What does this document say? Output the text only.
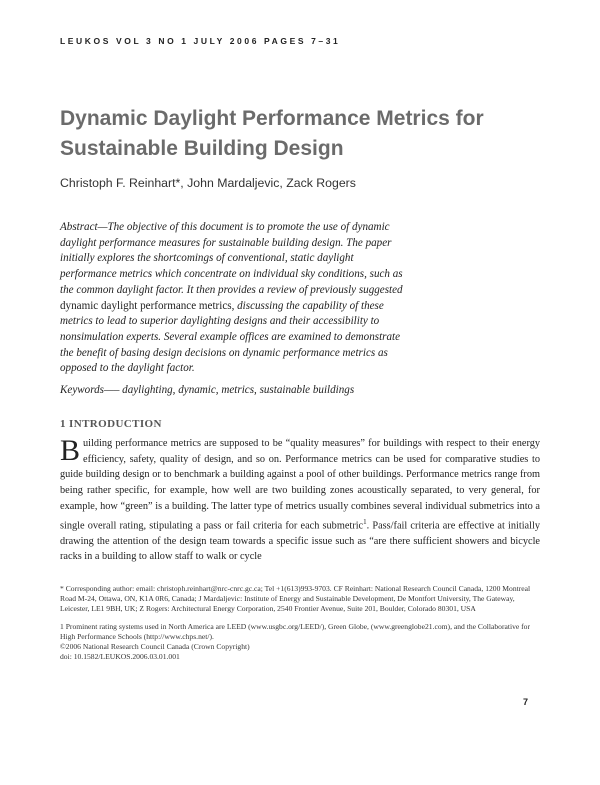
LEUKOS VOL 3 NO 1 JULY 2006 PAGES 7–31
Dynamic Daylight Performance Metrics for Sustainable Building Design
Christoph F. Reinhart*, John Mardaljevic, Zack Rogers
Abstract—The objective of this document is to promote the use of dynamic daylight performance measures for sustainable building design. The paper initially explores the shortcomings of conventional, static daylight performance metrics which concentrate on individual sky conditions, such as the common daylight factor. It then provides a review of previously suggested dynamic daylight performance metrics, discussing the capability of these metrics to lead to superior daylighting designs and their accessibility to nonsimulation experts. Several example offices are examined to demonstrate the benefit of basing design decisions on dynamic performance metrics as opposed to the daylight factor.
Keywords—– daylighting, dynamic, metrics, sustainable buildings
1 INTRODUCTION
Building performance metrics are supposed to be “quality measures” for buildings with respect to their energy efficiency, safety, quality of design, and so on. Performance metrics can be used for comparative studies to guide building design or to benchmark a building against a pool of other buildings. Performance metrics range from being rather specific, for example, how well are two building zones acoustically separated, to very general, for example, how “green” is a building. The latter type of metrics usually combines several individual submetrics into a single overall rating, stipulating a pass or fail criteria for each submetric$^1$. Pass/fail criteria are effective at initially drawing the attention of the design team towards a specific issue such as “are there sufficient showers and bicycle racks in a building to allow staff to walk or cycle

* Corresponding author: email: christoph.reinhart@nrc-cnrc.gc.ca; Tel +1(613)993-9703. CF Reinhart: National Research Council Canada, 1200 Montreal Road M-24, Ottawa, ON, K1A 0R6, Canada; J Mardaljevic: Institute of Energy and Sustainable Development, De Montfort University, The Gateway, Leicester, LE1 9BH, UK; Z Rogers: Architectural Energy Corporation, 2540 Frontier Avenue, Suite 201, Boulder, Colorado 80301, USA

1 Prominent rating systems used in North America are LEED (www.usgbc.org/LEED/), Green Globe, (www.greenglobe21.com), and the Collaborative for High Performance Schools (http://www.chps.net/).

©2006 National Research Council Canada (Crown Copyright)

doi: 10.1582/LEUKOS.2006.03.01.001

7
